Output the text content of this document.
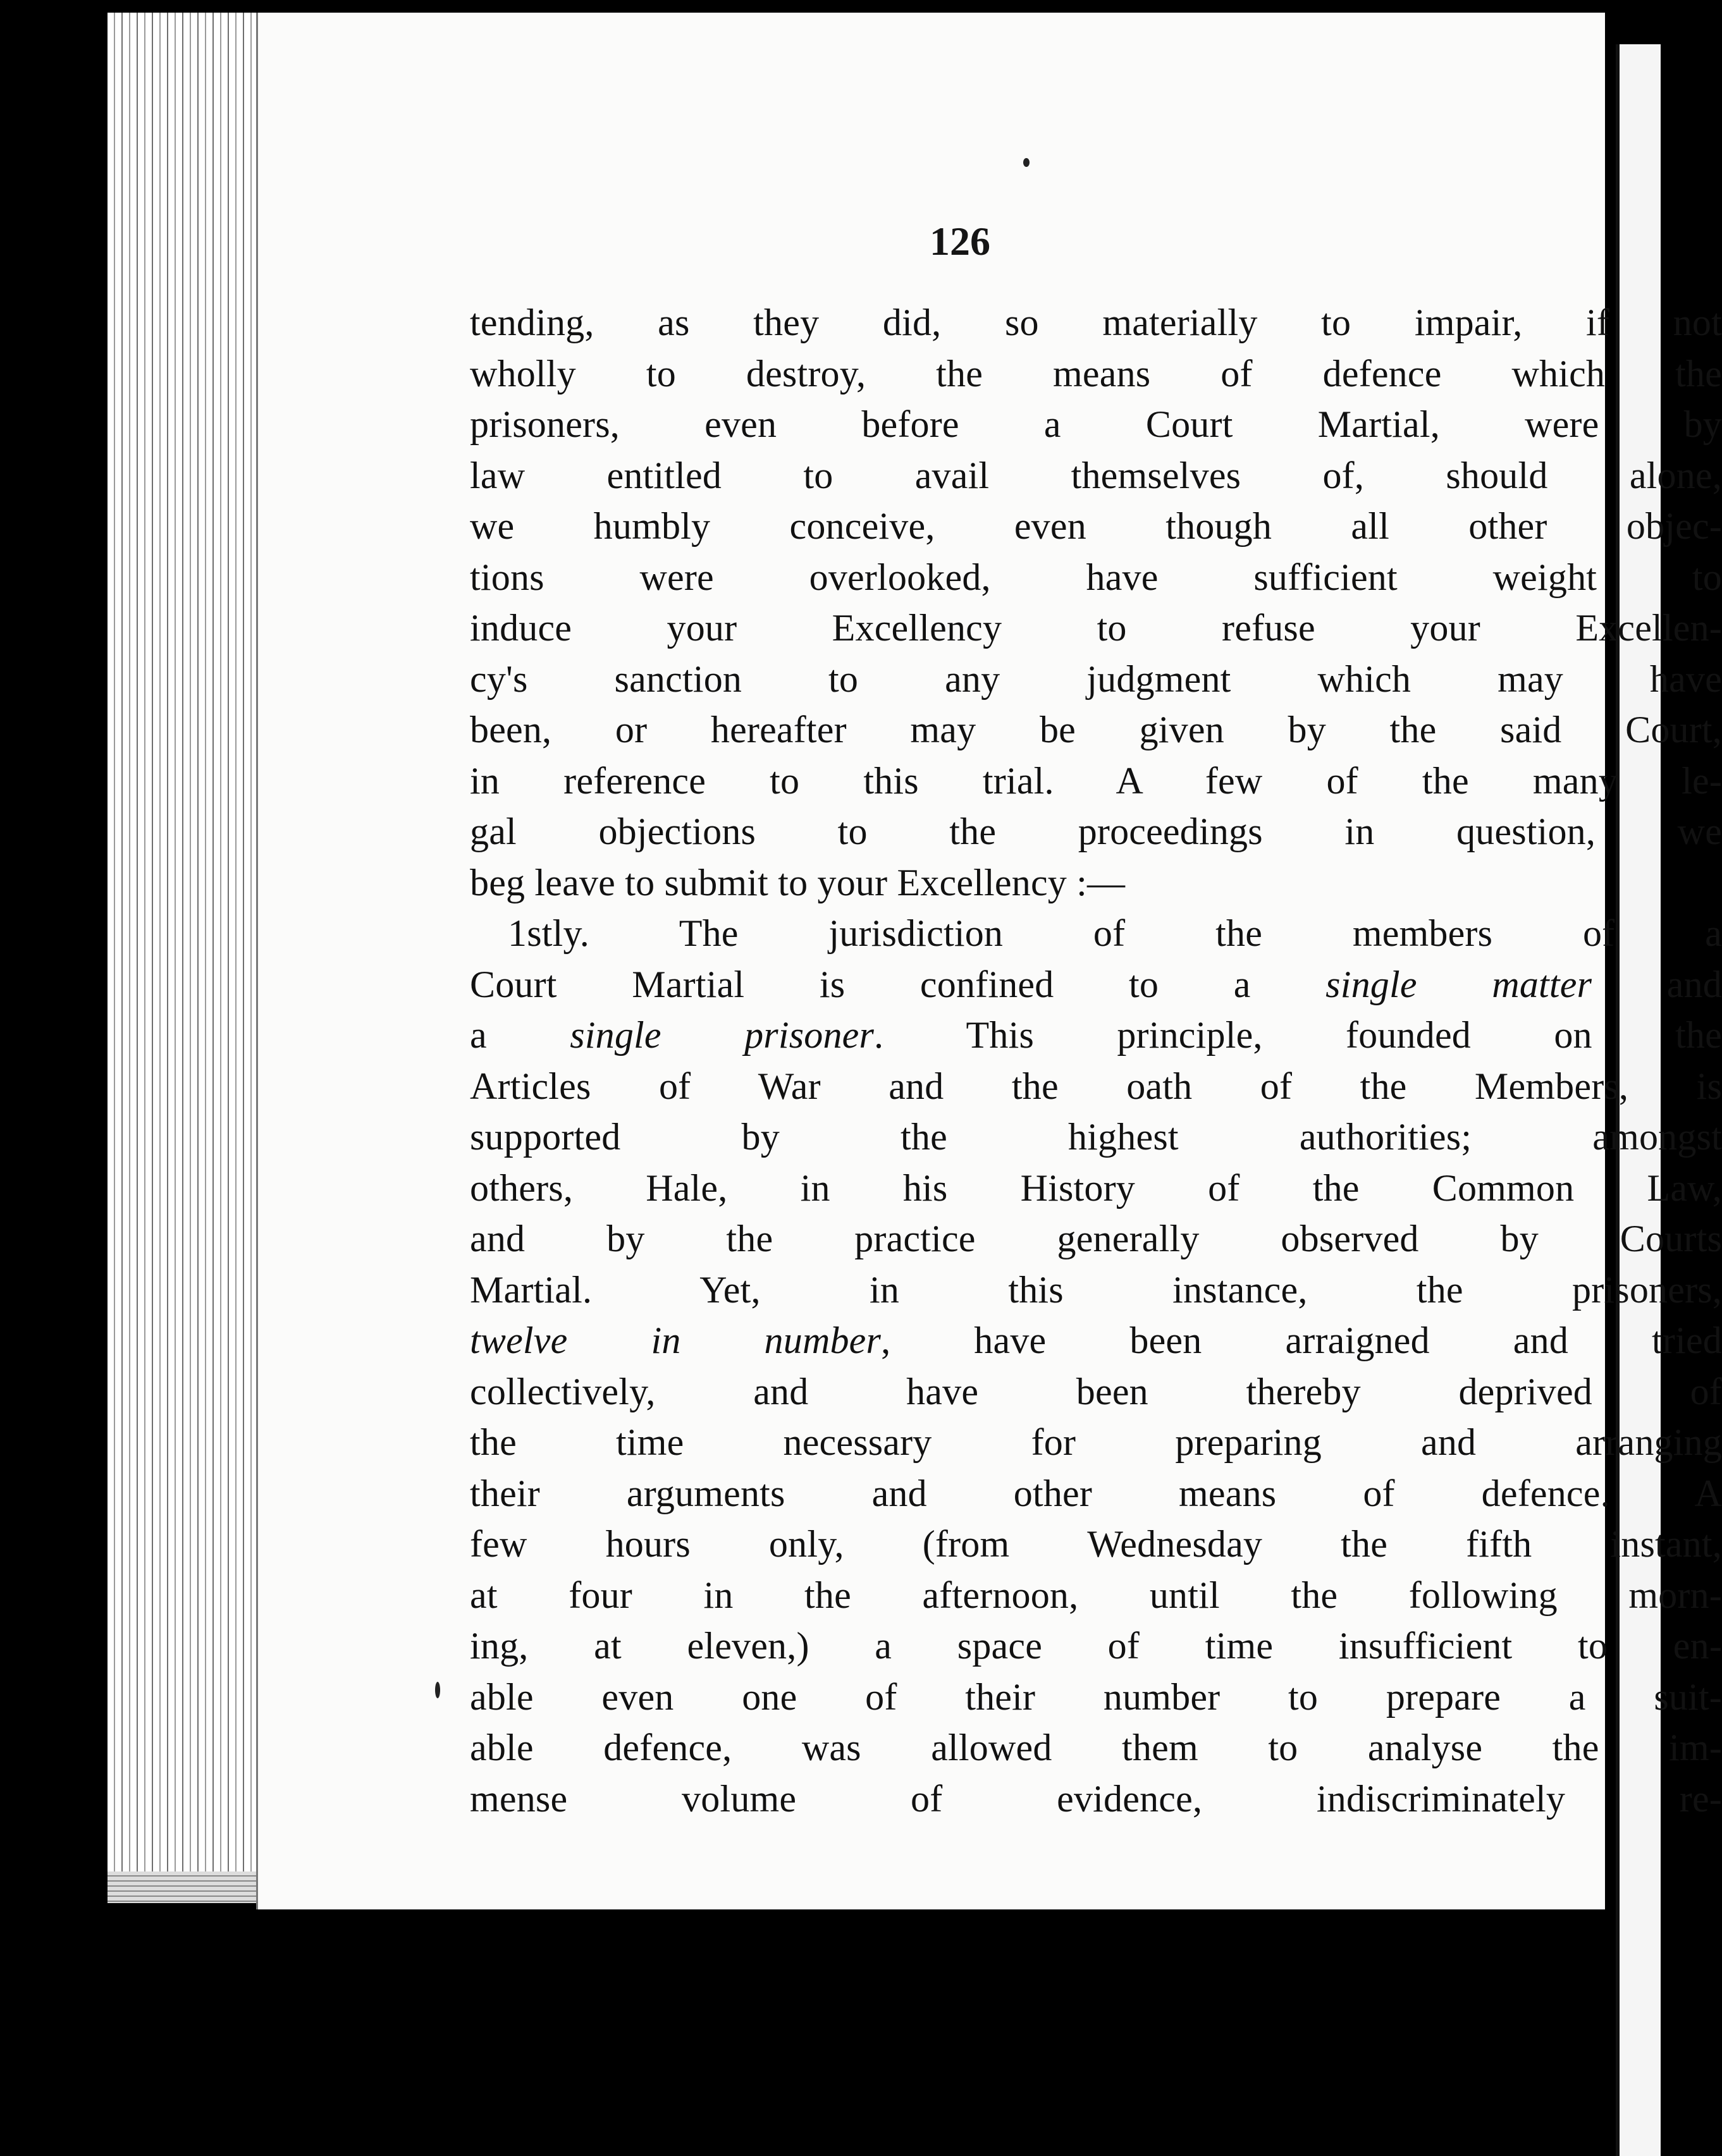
126
tending, as they did, so materially to impair, if not
wholly to destroy, the means of defence which the
prisoners, even before a Court Martial, were by
law entitled to avail themselves of, should alone,
we humbly conceive, even though all other objec-
tions were overlooked, have sufficient weight to
induce your Excellency to refuse your Excellen-
cy's sanction to any judgment which may have
been, or hereafter may be given by the said Court,
in reference to this trial. A few of the many le-
gal objections to the proceedings in question, we
beg leave to submit to your Excellency :—
1stly. The jurisdiction of the members of a
Court Martial is confined to a single matter and
a single prisoner. This principle, founded on the
Articles of War and the oath of the Members, is
supported by the highest authorities; amongst
others, Hale, in his History of the Common Law,
and by the practice generally observed by Courts
Martial. Yet, in this instance, the prisoners,
twelve in number, have been arraigned and tried
collectively, and have been thereby deprived of
the time necessary for preparing and arranging
their arguments and other means of defence. A
few hours only, (from Wednesday the fifth instant,
at four in the afternoon, until the following morn-
ing, at eleven,) a space of time insufficient to en-
able even one of their number to prepare a suit-
able defence, was allowed them to analyse the im-
mense volume of evidence, indiscriminately re-
